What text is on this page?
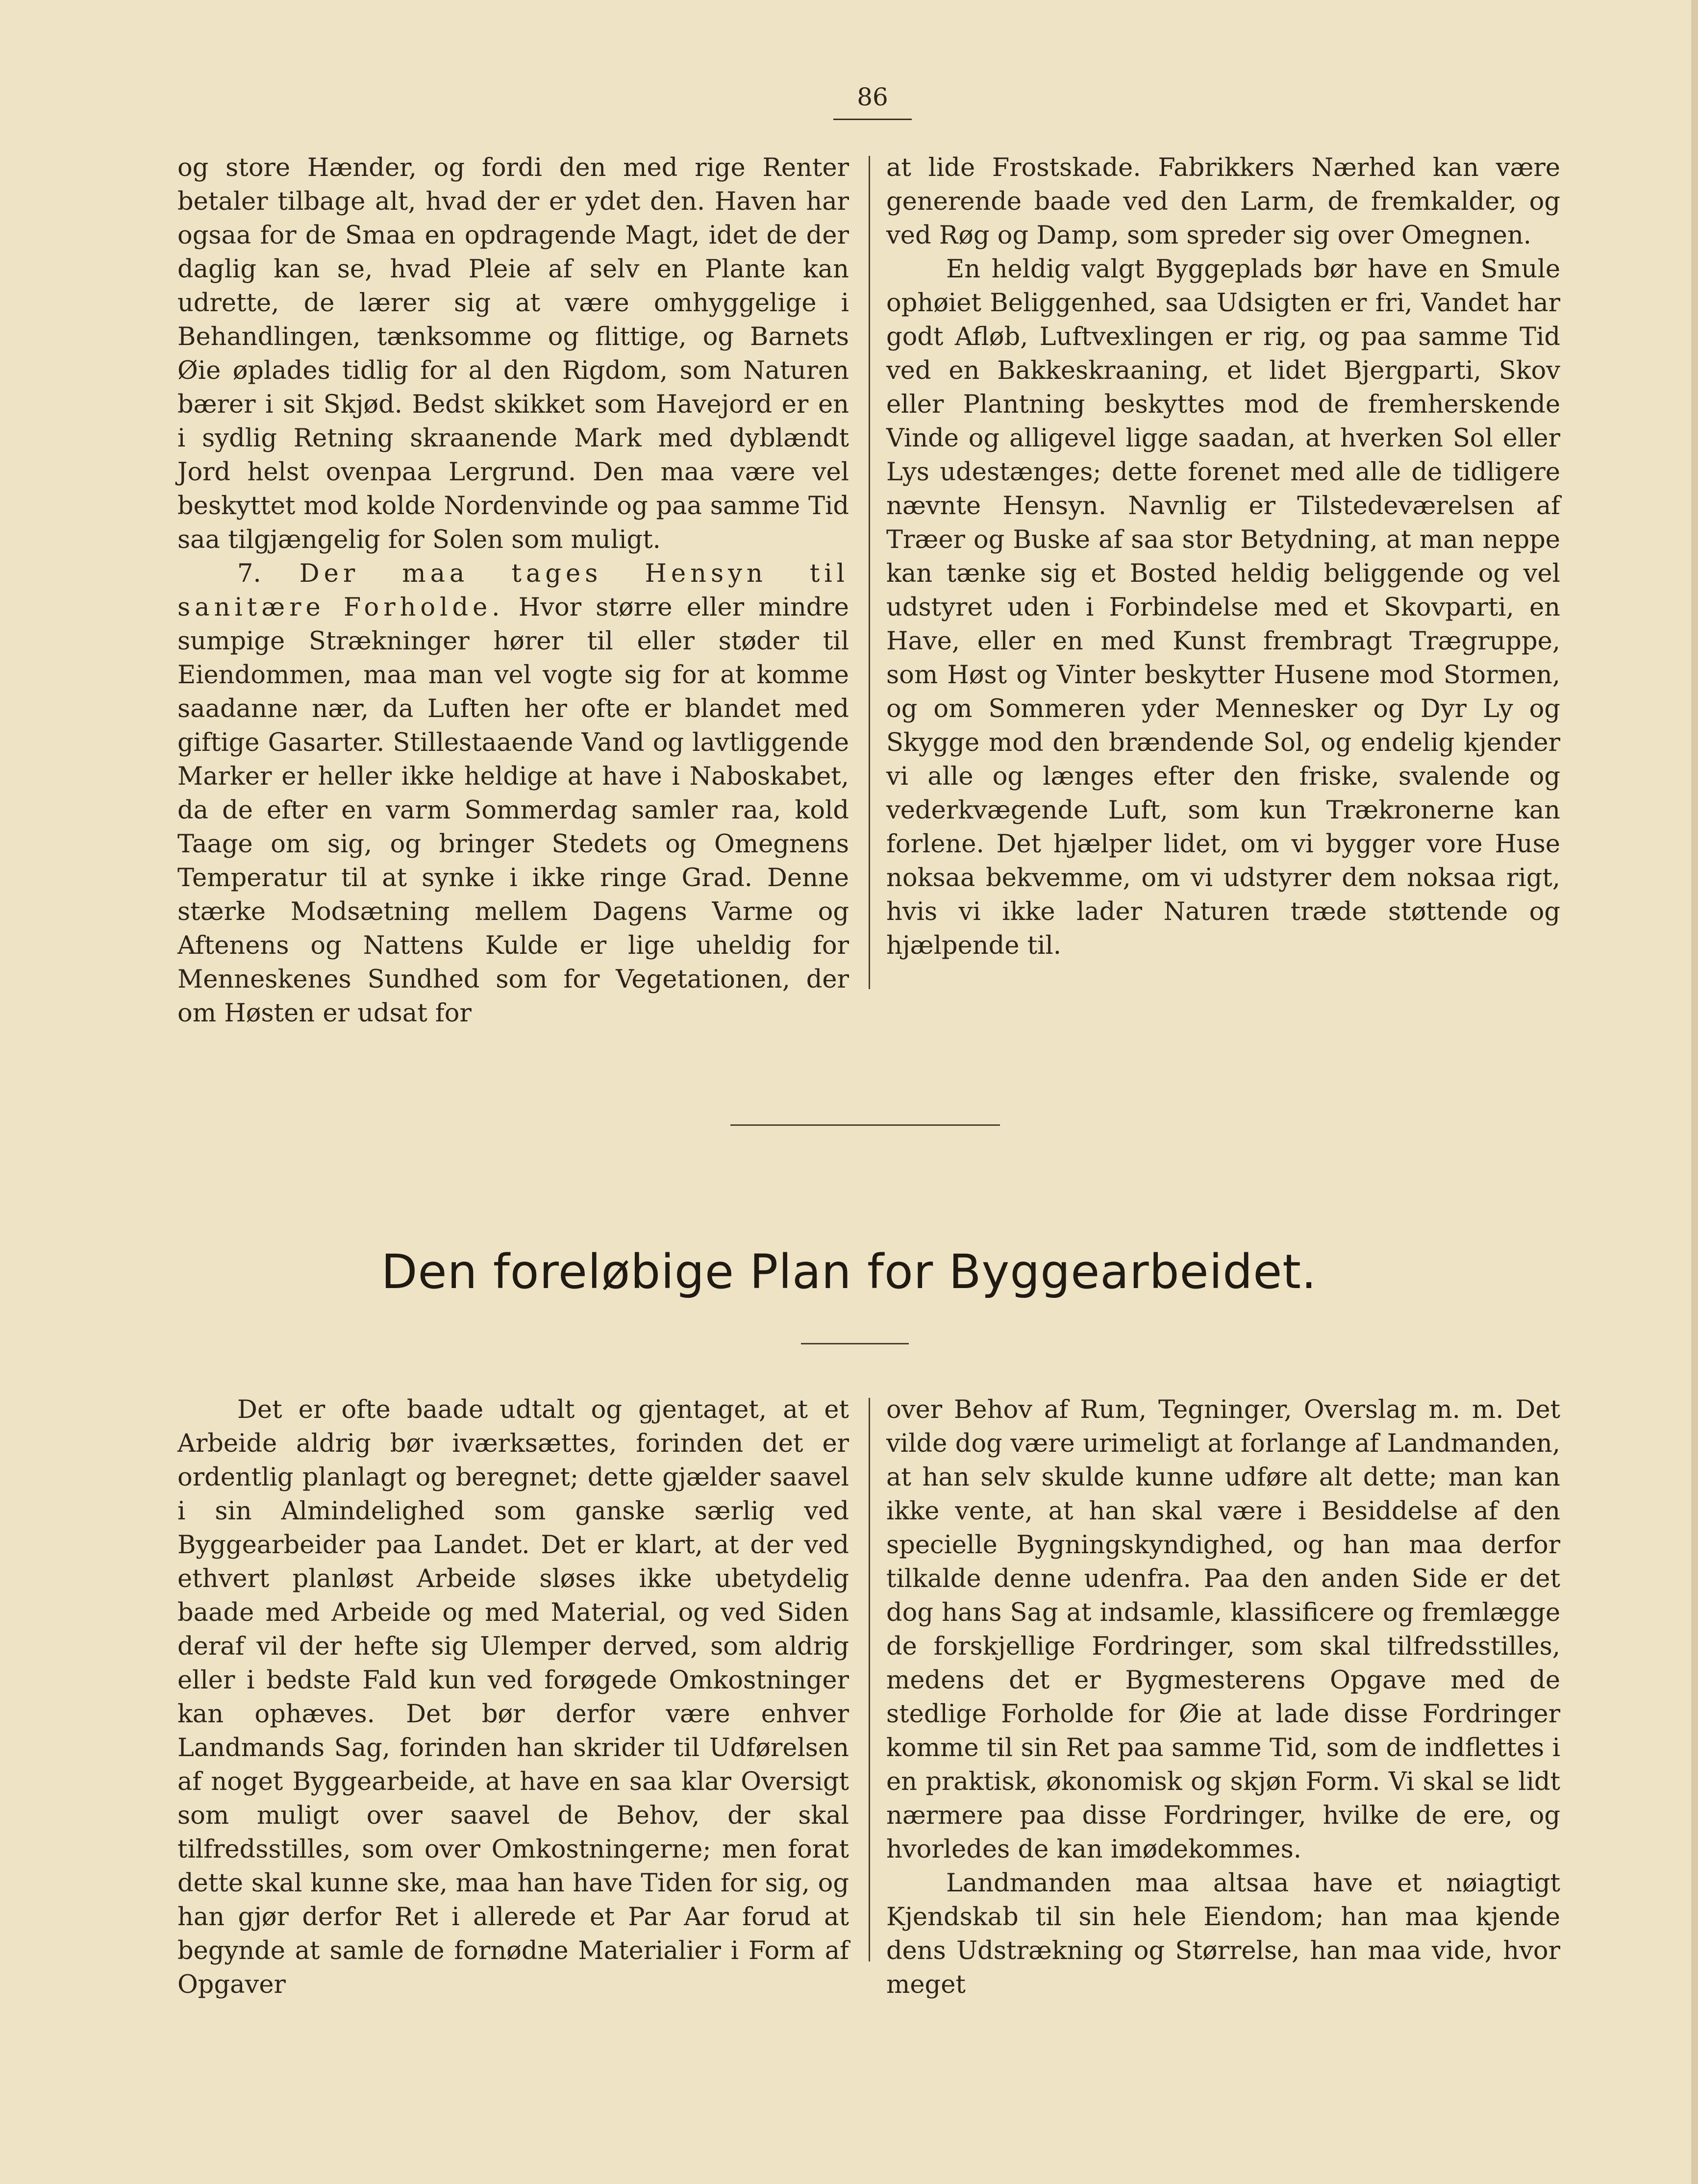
86

og store Hænder, og fordi den med rige Renter betaler tilbage alt, hvad der er ydet den. Haven har ogsaa for de Smaa en opdragende Magt, idet de der daglig kan se, hvad Pleie af selv en Plante kan udrette, de lærer sig at være omhyggelige i Behandlingen, tænksomme og flittige, og Barnets Øie øplades tidlig for al den Rigdom, som Naturen bærer i sit Skjød. Bedst skikket som Havejord er en i sydlig Retning skraanende Mark med dyblændt Jord helst ovenpaa Lergrund. Den maa være vel beskyttet mod kolde Nordenvinde og paa samme Tid saa tilgjængelig for Solen som muligt.

7. Der maa tages Hensyn til sanitære Forholde. Hvor større eller mindre sumpige Strækninger hører til eller støder til Eiendommen, maa man vel vogte sig for at komme saadanne nær, da Luften her ofte er blandet med giftige Gasarter. Stillestaaende Vand og lavtliggende Marker er heller ikke heldige at have i Naboskabet, da de efter en varm Sommerdag samler raa, kold Taage om sig, og bringer Stedets og Omegnens Temperatur til at synke i ikke ringe Grad. Denne stærke Modsætning mellem Dagens Varme og Aftenens og Nattens Kulde er lige uheldig for Menneskenes Sundhed som for Vegetationen, der om Høsten er udsat for

at lide Frostskade. Fabrikkers Nærhed kan være generende baade ved den Larm, de fremkalder, og ved Røg og Damp, som spreder sig over Omegnen.

En heldig valgt Byggeplads bør have en Smule ophøiet Beliggenhed, saa Udsigten er fri, Vandet har godt Afløb, Luftvexlingen er rig, og paa samme Tid ved en Bakkeskraaning, et lidet Bjergparti, Skov eller Plantning beskyttes mod de fremherskende Vinde og alligevel ligge saadan, at hverken Sol eller Lys udestænges; dette forenet med alle de tidligere nævnte Hensyn. Navnlig er Tilstedeværelsen af Træer og Buske af saa stor Betydning, at man neppe kan tænke sig et Bosted heldig beliggende og vel udstyret uden i Forbindelse med et Skovparti, en Have, eller en med Kunst frembragt Trægruppe, som Høst og Vinter beskytter Husene mod Stormen, og om Sommeren yder Mennesker og Dyr Ly og Skygge mod den brændende Sol, og endelig kjender vi alle og længes efter den friske, svalende og vederkvægende Luft, som kun Trækronerne kan forlene. Det hjælper lidet, om vi bygger vore Huse noksaa bekvemme, om vi udstyrer dem noksaa rigt, hvis vi ikke lader Naturen træde støttende og hjælpende til.

Den foreløbige Plan for Byggearbeidet.

Det er ofte baade udtalt og gjentaget, at et Arbeide aldrig bør iværksættes, forinden det er ordentlig planlagt og beregnet; dette gjælder saavel i sin Almindelighed som ganske særlig ved Byggearbeider paa Landet. Det er klart, at der ved ethvert planløst Arbeide sløses ikke ubetydelig baade med Arbeide og med Material, og ved Siden deraf vil der hefte sig Ulemper derved, som aldrig eller i bedste Fald kun ved forøgede Omkostninger kan ophæves. Det bør derfor være enhver Landmands Sag, forinden han skrider til Udførelsen af noget Byggearbeide, at have en saa klar Oversigt som muligt over saavel de Behov, der skal tilfredsstilles, som over Omkostningerne; men forat dette skal kunne ske, maa han have Tiden for sig, og han gjør derfor Ret i allerede et Par Aar forud at begynde at samle de fornødne Materialier i Form af Opgaver

over Behov af Rum, Tegninger, Overslag m. m. Det vilde dog være urimeligt at forlange af Landmanden, at han selv skulde kunne udføre alt dette; man kan ikke vente, at han skal være i Besiddelse af den specielle Bygningskyndighed, og han maa derfor tilkalde denne udenfra. Paa den anden Side er det dog hans Sag at indsamle, klassificere og fremlægge de forskjellige Fordringer, som skal tilfredsstilles, medens det er Bygmesterens Opgave med de stedlige Forholde for Øie at lade disse Fordringer komme til sin Ret paa samme Tid, som de indflettes i en praktisk, økonomisk og skjøn Form. Vi skal se lidt nærmere paa disse Fordringer, hvilke de ere, og hvorledes de kan imødekommes.

Landmanden maa altsaa have et nøiagtigt Kjendskab til sin hele Eiendom; han maa kjende dens Udstrækning og Størrelse, han maa vide, hvor meget
